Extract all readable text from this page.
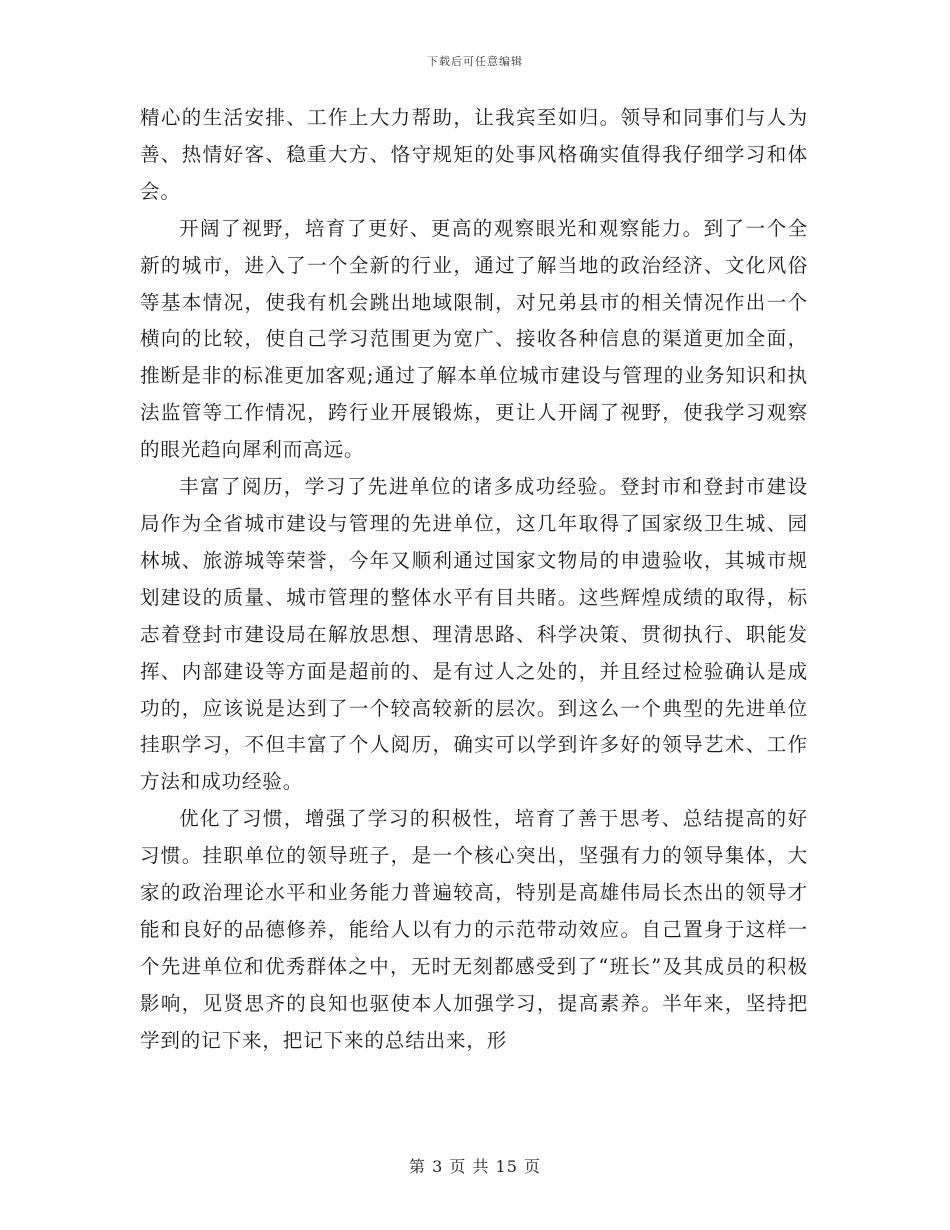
下载后可任意编辑

精心的生活安排、工作上大力帮助，让我宾至如归。领导和同事们与人为善、热情好客、稳重大方、恪守规矩的处事风格确实值得我仔细学习和体会。

开阔了视野，培育了更好、更高的观察眼光和观察能力。到了一个全新的城市，进入了一个全新的行业，通过了解当地的政治经济、文化风俗等基本情况，使我有机会跳出地域限制，对兄弟县市的相关情况作出一个横向的比较，使自己学习范围更为宽广、接收各种信息的渠道更加全面，推断是非的标准更加客观;通过了解本单位城市建设与管理的业务知识和执法监管等工作情况，跨行业开展锻炼，更让人开阔了视野，使我学习观察的眼光趋向犀利而高远。

丰富了阅历，学习了先进单位的诸多成功经验。登封市和登封市建设局作为全省城市建设与管理的先进单位，这几年取得了国家级卫生城、园林城、旅游城等荣誉，今年又顺利通过国家文物局的申遗验收，其城市规划建设的质量、城市管理的整体水平有目共睹。这些辉煌成绩的取得，标志着登封市建设局在解放思想、理清思路、科学决策、贯彻执行、职能发挥、内部建设等方面是超前的、是有过人之处的，并且经过检验确认是成功的，应该说是达到了一个较高较新的层次。到这么一个典型的先进单位挂职学习，不但丰富了个人阅历，确实可以学到许多好的领导艺术、工作方法和成功经验。

优化了习惯，增强了学习的积极性，培育了善于思考、总结提高的好习惯。挂职单位的领导班子，是一个核心突出，坚强有力的领导集体，大家的政治理论水平和业务能力普遍较高，特别是高雄伟局长杰出的领导才能和良好的品德修养，能给人以有力的示范带动效应。自己置身于这样一个先进单位和优秀群体之中，无时无刻都感受到了“班长”及其成员的积极影响，见贤思齐的良知也驱使本人加强学习，提高素养。半年来，坚持把学到的记下来，把记下来的总结出来，形

第 3 页 共 15 页
